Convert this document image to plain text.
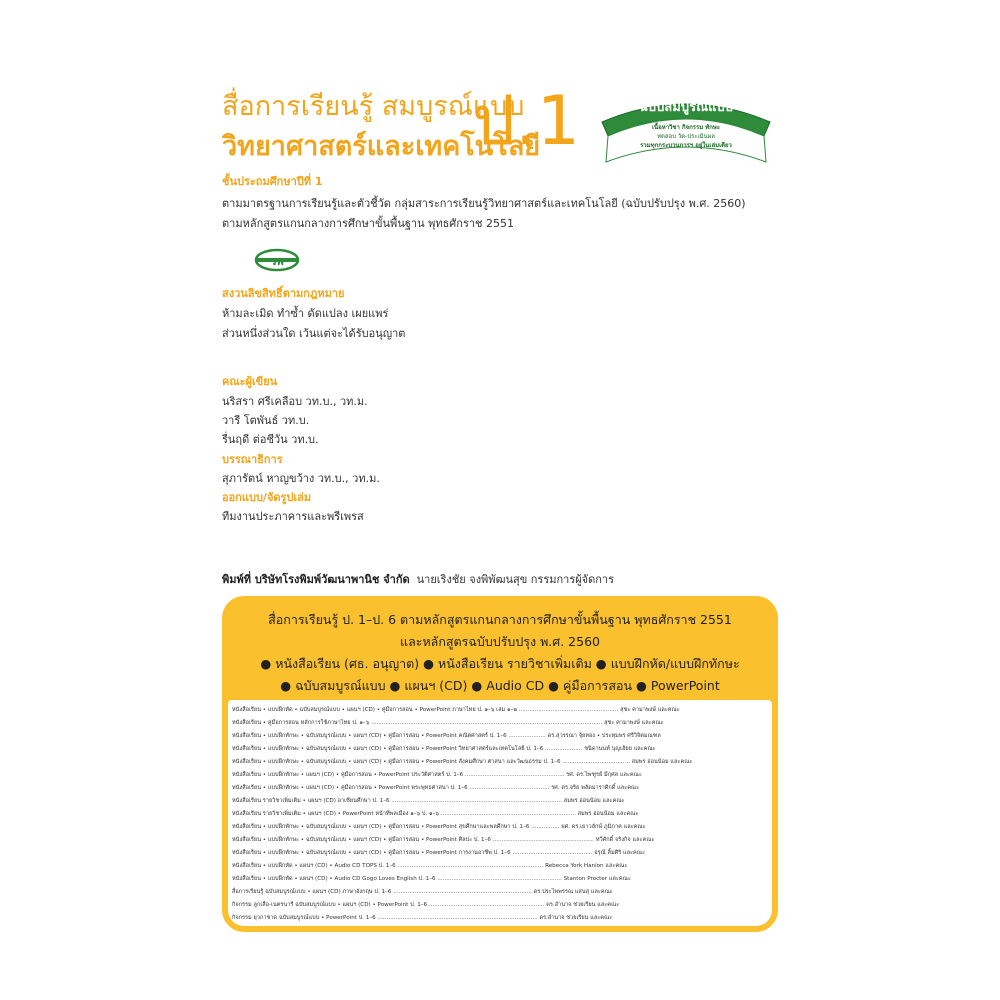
สื่อการเรียนรู้ สมบูรณ์แบบ
วิทยาศาสตร์และเทคโนโลยี
ป.1	ฉบับสมบูรณ์แบบ
เนื้อหาวิชา กิจกรรม ทักษะ
ทดสอบ วัด-ประเมินผล
รวมทุกกระบวนการฯ อยู่ในเล่มเดียว
ชั้นประถมศึกษาปีที่ 1
ตามมาตรฐานการเรียนรู้และตัวชี้วัด กลุ่มสาระการเรียนรู้วิทยาศาสตร์และเทคโนโลยี (ฉบับปรับปรุง พ.ศ. 2560)
ตามหลักสูตรแกนกลางการศึกษาขั้นพื้นฐาน พุทธศักราช 2551
วพ
สงวนลิขสิทธิ์ตามกฎหมาย
ห้ามละเมิด ทำซ้ำ ดัดแปลง เผยแพร่
ส่วนหนึ่งส่วนใด เว้นแต่จะได้รับอนุญาต
คณะผู้เขียน
นริสรา ศรีเคลือบ วท.บ., วท.ม.
วารี โตพันธ์ วท.บ.
รื่นฤดี ต่อชีวัน วท.บ.
บรรณาธิการ
สุภารัตน์ หาญขว้าง วท.บ., วท.ม.
ออกแบบ/จัดรูปเล่ม
ทีมงานประภาคารและพรีเพรส
พิมพ์ที่ บริษัทโรงพิมพ์วัฒนาพานิช จำกัด นายเริงชัย จงพิพัฒนสุข กรรมการผู้จัดการ
สื่อการเรียนรู้ ป. 1–ป. 6 ตามหลักสูตรแกนกลางการศึกษาขั้นพื้นฐาน พุทธศักราช 2551
และหลักสูตรฉบับปรับปรุง พ.ศ. 2560
● หนังสือเรียน (ศธ. อนุญาต) ● หนังสือเรียน รายวิชาเพิ่มเติม ● แบบฝึกหัด/แบบฝึกทักษะ
● ฉบับสมบูรณ์แบบ ● แผนฯ (CD) ● Audio CD ● คู่มือการสอน ● PowerPoint
หนังสือเรียน • แบบฝึกหัด • ฉบับสมบูรณ์แบบ • แผนฯ (CD) • คู่มือการสอน • PowerPoint ภาษาไทย ป. ๑–๖ เล่ม ๑–๒ ........................................................ สุชะ คามาพงษ์ และคณะ
หนังสือเรียน • คู่มือการสอน หลักการใช้ภาษาไทย ป. ๑–๖ .................................................................................................................................. สุชะ คามาพงษ์ และคณะ
หนังสือเรียน • แบบฝึกทักษะ • ฉบับสมบูรณ์แบบ • แผนฯ (CD) • คู่มือการสอน • PowerPoint คณิตศาสตร์ ป. 1–6 ..................... ดร.สุวรรณา จุ้ยทอง • ประทุมพร ศรีวิจิตมณฑล
หนังสือเรียน • แบบฝึกทักษะ • ฉบับสมบูรณ์แบบ • แผนฯ (CD) • คู่มือการสอน • PowerPoint วิทยาศาสตร์และเทคโนโลยี ป. 1–6 ..................... ชนิดานนท์ บุญเฮ้ยย และคณะ
หนังสือเรียน • แบบฝึกทักษะ • ฉบับสมบูรณ์แบบ • แผนฯ (CD) • คู่มือการสอน • PowerPoint สังคมศึกษา ศาสนา และวัฒนธรรม ป. 1–6 ...................................... สมพร อ่อนน้อม และคณะ
หนังสือเรียน • แบบฝึกทักษะ • แผนฯ (CD) • คู่มือการสอน • PowerPoint ประวัติศาสตร์ ป. 1–6 ........................................................ รศ. ดร.ไพฑูรย์ มีกุศล และคณะ
หนังสือเรียน • แบบฝึกทักษะ • แผนฯ (CD) • คู่มือการสอน • PowerPoint พระพุทธศาสนา ป. 1–6 ............................................. รศ. ดร.จริย พลัดมาราศิกดิ์ และคณะ
หนังสือเรียน รายวิชาเพิ่มเติม • แผนฯ (CD) อาเซียนศึกษา ป. 1–6 ................................................................................................ สมพร อ่อนน้อม และคณะ
หนังสือเรียน รายวิชาเพิ่มเติม • แผนฯ (CD) • PowerPoint หน้าที่พลเมือง ๑–๖ ป. ๑–๖ ............................................................................ สมพร อ่อนน้อม และคณะ
หนังสือเรียน • แบบฝึกทักษะ • ฉบับสมบูรณ์แบบ • แผนฯ (CD) • คู่มือการสอน • PowerPoint สุขศึกษาและพลศึกษา ป. 1–6 ................ ผศ. ดร.เยาวลักษ์ ภูมิภาค และคณะ
หนังสือเรียน • แบบฝึกทักษะ • ฉบับสมบูรณ์แบบ • แผนฯ (CD) • คู่มือการสอน • PowerPoint ศิลปะ ป. 1–6 ......................................................... ทวีศักดิ์ จริงกิจ และคณะ
หนังสือเรียน • แบบฝึกทักษะ • ฉบับสมบูรณ์แบบ • แผนฯ (CD) • คู่มือการสอน • PowerPoint การงานอาชีพ ป. 1–6 ............................................. อรุณี ลิ้มศิริ และคณะ
หนังสือเรียน • แบบฝึกหัด • แผนฯ (CD) • Audio CD TOPS ป. 1–6 .................................................................................. Rebecca York Hanlon และคณะ
หนังสือเรียน • แบบฝึกหัด • แผนฯ (CD) • Audio CD Gogo Loves English ป. 1–6 ...................................................................... Stanton Procter และคณะ
สื่อการเรียนรู้ ฉบับสมบูรณ์แบบ • แผนฯ (CD) ภาษาอังกฤษ ป. 1–6 .............................................................................. ดร.ประไพพรรณ แสนสุ และคณะ
กิจกรรม ลูกเสือ-เนตรนารี ฉบับสมบูรณ์แบบ • แผนฯ (CD) • PowerPoint ป. 1–6 ................................................................. ดร.อำนาจ ช่วยเรียน และคณะ
กิจกรรม ยุวกาชาด ฉบับสมบูรณ์แบบ • PowerPoint ป. 1–6 .......................................................................................... ดร.อำนาจ ช่วยเรียน และคณะ
